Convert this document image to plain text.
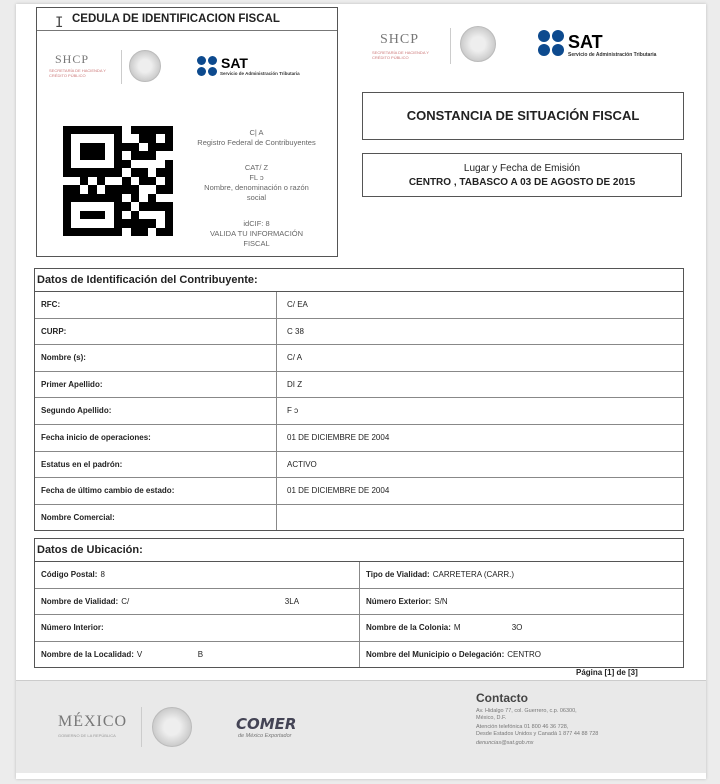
I CEDULA DE IDENTIFICACION FISCAL
SHCP
SECRETARÍA DE HACIENDA Y CRÉDITO PÚBLICO
SAT
Servicio de Administración Tributaria
C| A
Registro Federal de Contribuyentes
CAT/ Z
FL ɔ
Nombre, denominación o razón
social
idCIF: 8
VALIDA TU INFORMACIÓN
FISCAL
SHCP
SECRETARÍA DE HACIENDA Y CRÉDITO PÚBLICO
SAT
Servicio de Administración Tributaria
CONSTANCIA DE SITUACIÓN FISCAL
Lugar y Fecha de Emisión
CENTRO , TABASCO A 03 DE AGOSTO DE 2015
Datos de Identificación del Contribuyente:
RFC:	C/ EA
CURP:	C 38
Nombre (s):	C/ A
Primer Apellido:	DI Z
Segundo Apellido:	F ɔ
Fecha inicio de operaciones:	01 DE DICIEMBRE DE 2004
Estatus en el padrón:	ACTIVO
Fecha de último cambio de estado:	01 DE DICIEMBRE DE 2004
Nombre Comercial:
Datos de Ubicación:
Código Postal: 8	Tipo de Vialidad: CARRETERA (CARR.)
Nombre de Vialidad: C/                                                                      3LA	Número Exterior: S/N
Número Interior:	Nombre de la Colonia: M                       3O
Nombre de la Localidad: V                         B	Nombre del Municipio o Delegación: CENTRO
Página [1] de [3]
MÉXICO
GOBIERNO DE LA REPÚBLICA
COMER
de México Exportador
Contacto
Av. Hidalgo 77, col. Guerrero, c.p. 06300,
México, D.F.
Atención telefónica 01 800 46 36 728,
Desde Estados Unidos y Canadá 1 877 44 88 728
denuncias@sat.gob.mx
